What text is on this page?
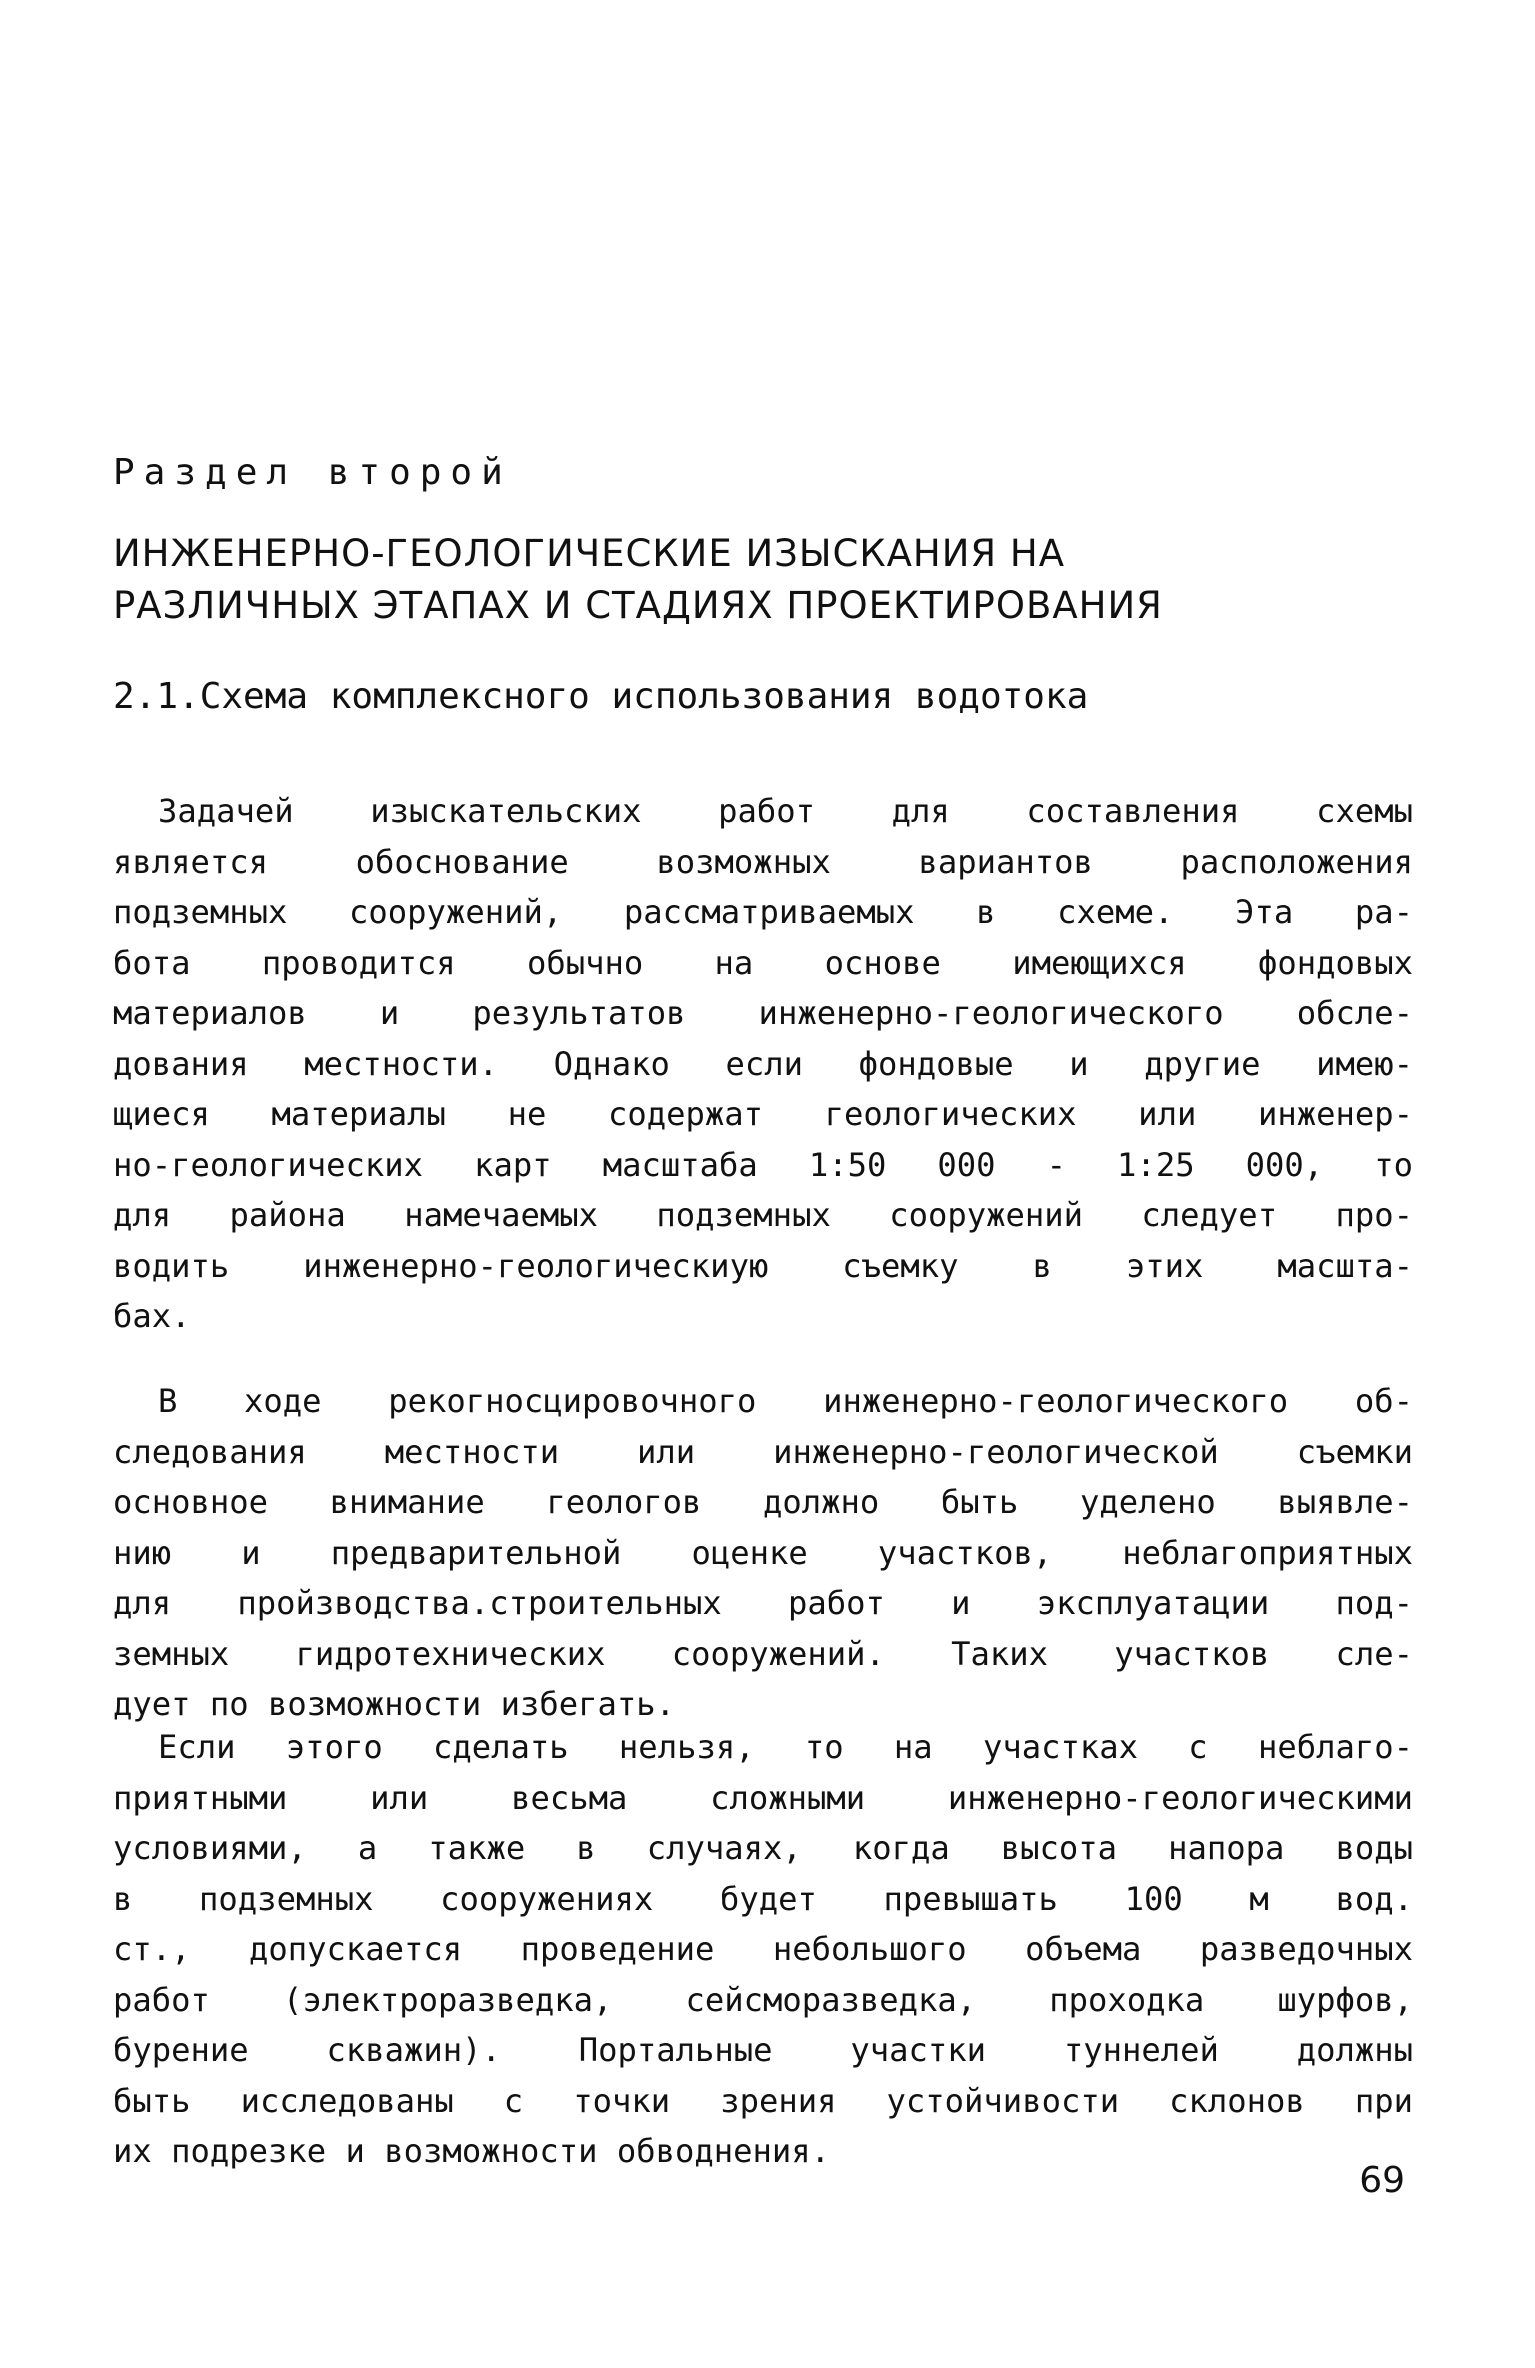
Раздел второй
ИНЖЕНЕРНО-ГЕОЛОГИЧЕСКИЕ ИЗЫСКАНИЯ НА
РАЗЛИЧНЫХ ЭТАПАХ И СТАДИЯХ ПРОЕКТИРОВАНИЯ
2.1.Схема комплексного использования водотока
Задачей изыскательских работ для составления схемы
является обоснование возможных вариантов расположения
подземных сооружений, рассматриваемых в схеме. Эта ра-
бота проводится обычно на основе имеющихся фондовых
материалов и результатов инженерно-геологического обсле-
дования местности. Однако если фондовые и другие имею-
щиеся материалы не содержат геологических или инженер-
но-геологических карт масштаба 1:50 000 - 1:25 000, то
для района намечаемых подземных сооружений следует про-
водить инженерно-геологическиую съемку в этих масшта-
бах.
В ходе рекогносцировочного инженерно-геологического об-
следования местности или инженерно-геологической съемки
основное внимание геологов должно быть уделено выявле-
нию и предварительной оценке участков, неблагоприятных
для пройзводства.строительных работ и эксплуатации под-
земных гидротехнических сооружений. Таких участков сле-
дует по возможности избегать.
Если этого сделать нельзя, то на участках с неблаго-
приятными или весьма сложными инженерно-геологическими
условиями, а также в случаях, когда высота напора воды
в подземных сооружениях будет превышать 100 м вод.
ст., допускается проведение небольшого объема разведочных
работ (электроразведка, сейсморазведка, проходка шурфов,
бурение скважин). Портальные участки туннелей должны
быть исследованы с точки зрения устойчивости склонов при
их подрезке и возможности обводнения.
69
